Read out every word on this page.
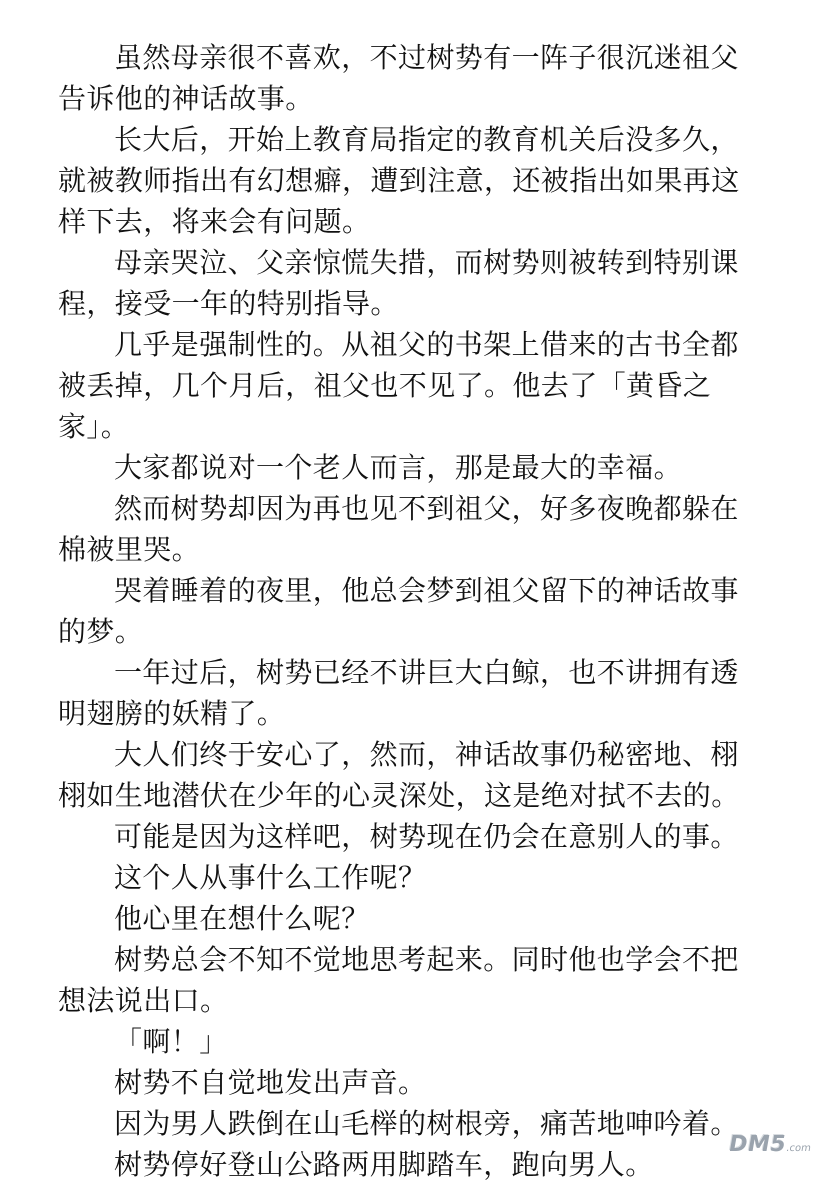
虽然母亲很不喜欢，不过树势有一阵子很沉迷祖父告诉他的神话故事。

长大后，开始上教育局指定的教育机关后没多久，就被教师指出有幻想癖，遭到注意，还被指出如果再这样下去，将来会有问题。

母亲哭泣、父亲惊慌失措，而树势则被转到特别课程，接受一年的特别指导。

几乎是强制性的。从祖父的书架上借来的古书全都被丢掉，几个月后，祖父也不见了。他去了「黄昏之家」。

大家都说对一个老人而言，那是最大的幸福。

然而树势却因为再也见不到祖父，好多夜晚都躲在棉被里哭。

哭着睡着的夜里，他总会梦到祖父留下的神话故事的梦。

一年过后，树势已经不讲巨大白鲸，也不讲拥有透明翅膀的妖精了。

大人们终于安心了，然而，神话故事仍秘密地、栩栩如生地潜伏在少年的心灵深处，这是绝对拭不去的。

可能是因为这样吧，树势现在仍会在意别人的事。

这个人从事什么工作呢？

他心里在想什么呢？

树势总会不知不觉地思考起来。同时他也学会不把想法说出口。

「啊！」

树势不自觉地发出声音。

因为男人跌倒在山毛榉的树根旁，痛苦地呻吟着。

树势停好登山公路两用脚踏车，跑向男人。

DM5
.com
